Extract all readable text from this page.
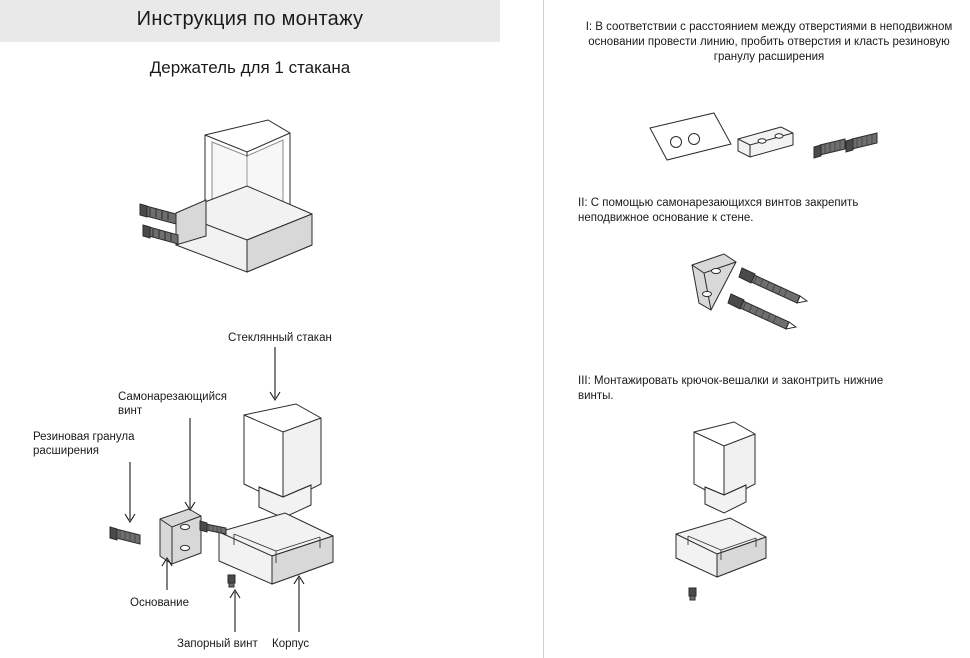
Инструкция по монтажу
Держатель для 1 стакана
I: В соответствии с расстоянием между отверстиями в неподвижном основании провести линию, пробить отверстия и класть резиновую гранулу расширения
II: С помощью самонарезающихся винтов закрепить неподвижное основание к стене.
III: Монтажировать крючок-вешалки и законтрить нижние винты.
Стеклянный стакан
Самонарезающийся винт
Резиновая гранула расширения
Основание
Запорный винт	Корпус
